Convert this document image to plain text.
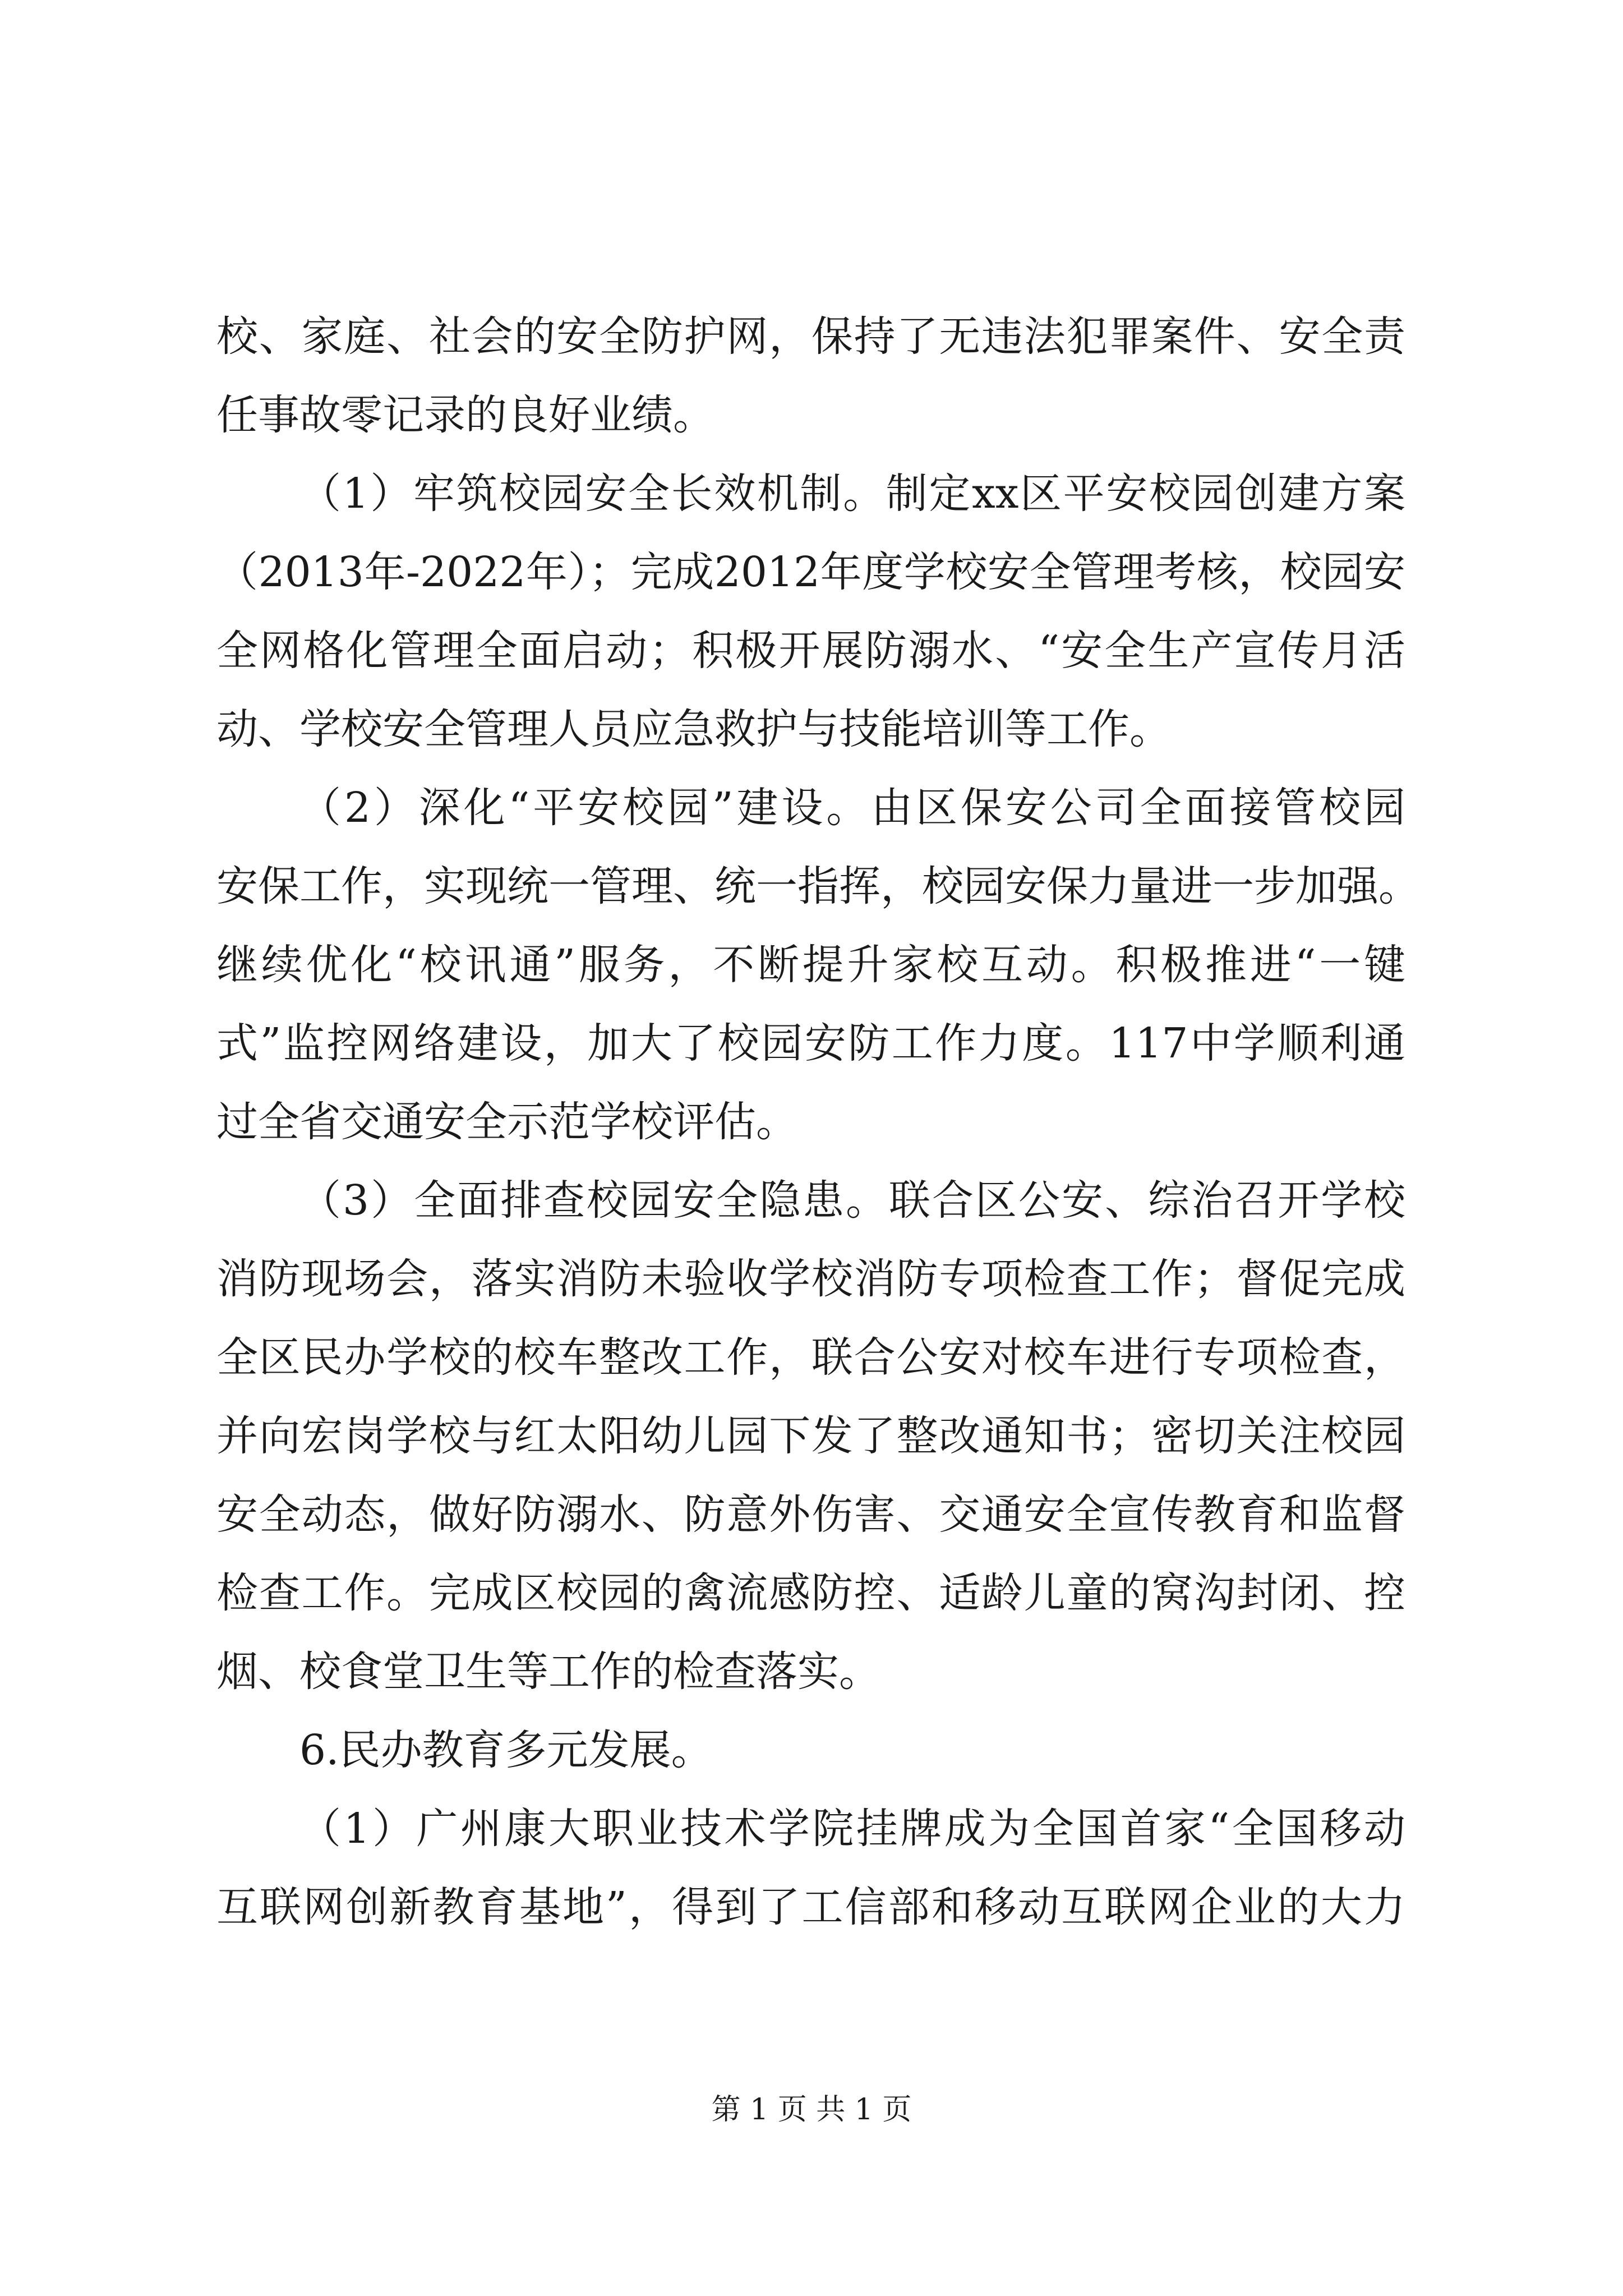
校、家庭、社会的安全防护网，保持了无违法犯罪案件、安全责
任事故零记录的良好业绩。
（1）牢筑校园安全长效机制。制定xx区平安校园创建方案
（2013年-2022年）；完成2012年度学校安全管理考核，校园安
全网格化管理全面启动；积极开展防溺水、“安全生产宣传月活
动、学校安全管理人员应急救护与技能培训等工作。
（2）深化“平安校园”建设。由区保安公司全面接管校园
安保工作，实现统一管理、统一指挥，校园安保力量进一步加强。
继续优化“校讯通”服务，不断提升家校互动。积极推进“一键
式”监控网络建设，加大了校园安防工作力度。117中学顺利通
过全省交通安全示范学校评估。
（3）全面排查校园安全隐患。联合区公安、综治召开学校
消防现场会，落实消防未验收学校消防专项检查工作；督促完成
全区民办学校的校车整改工作，联合公安对校车进行专项检查，
并向宏岗学校与红太阳幼儿园下发了整改通知书；密切关注校园
安全动态，做好防溺水、防意外伤害、交通安全宣传教育和监督
检查工作。完成区校园的禽流感防控、适龄儿童的窝沟封闭、控
烟、校食堂卫生等工作的检查落实。
6.民办教育多元发展。
（1）广州康大职业技术学院挂牌成为全国首家“全国移动
互联网创新教育基地”，得到了工信部和移动互联网企业的大力
第 1 页 共 1 页
